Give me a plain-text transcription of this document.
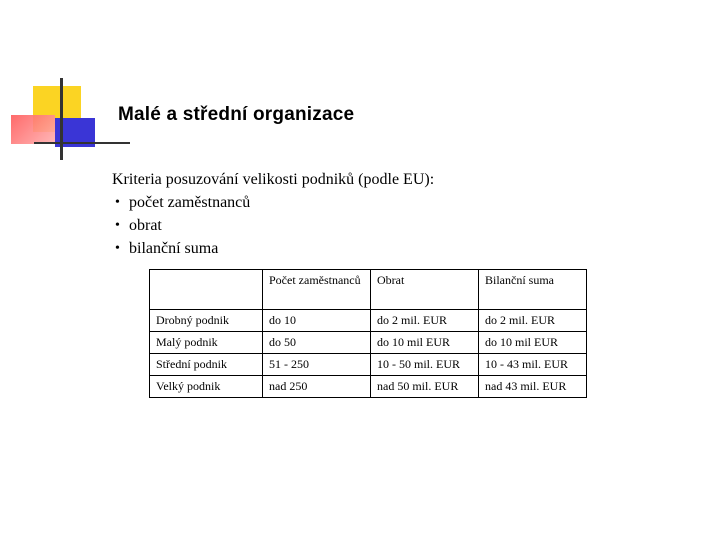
Malé a střední organizace
Kriteria posuzování velikosti podniků (podle EU):
• počet zaměstnanců
• obrat
• bilanční suma
	Počet zaměstnanců	Obrat	Bilanční suma
Drobný podnik	do 10	do 2 mil. EUR	do 2 mil. EUR
Malý podnik	do 50	do 10 mil EUR	do 10 mil EUR
Střední podnik	51 - 250	10 - 50 mil. EUR	10 - 43 mil. EUR
Velký podnik	nad 250	nad 50 mil. EUR	nad 43 mil. EUR
